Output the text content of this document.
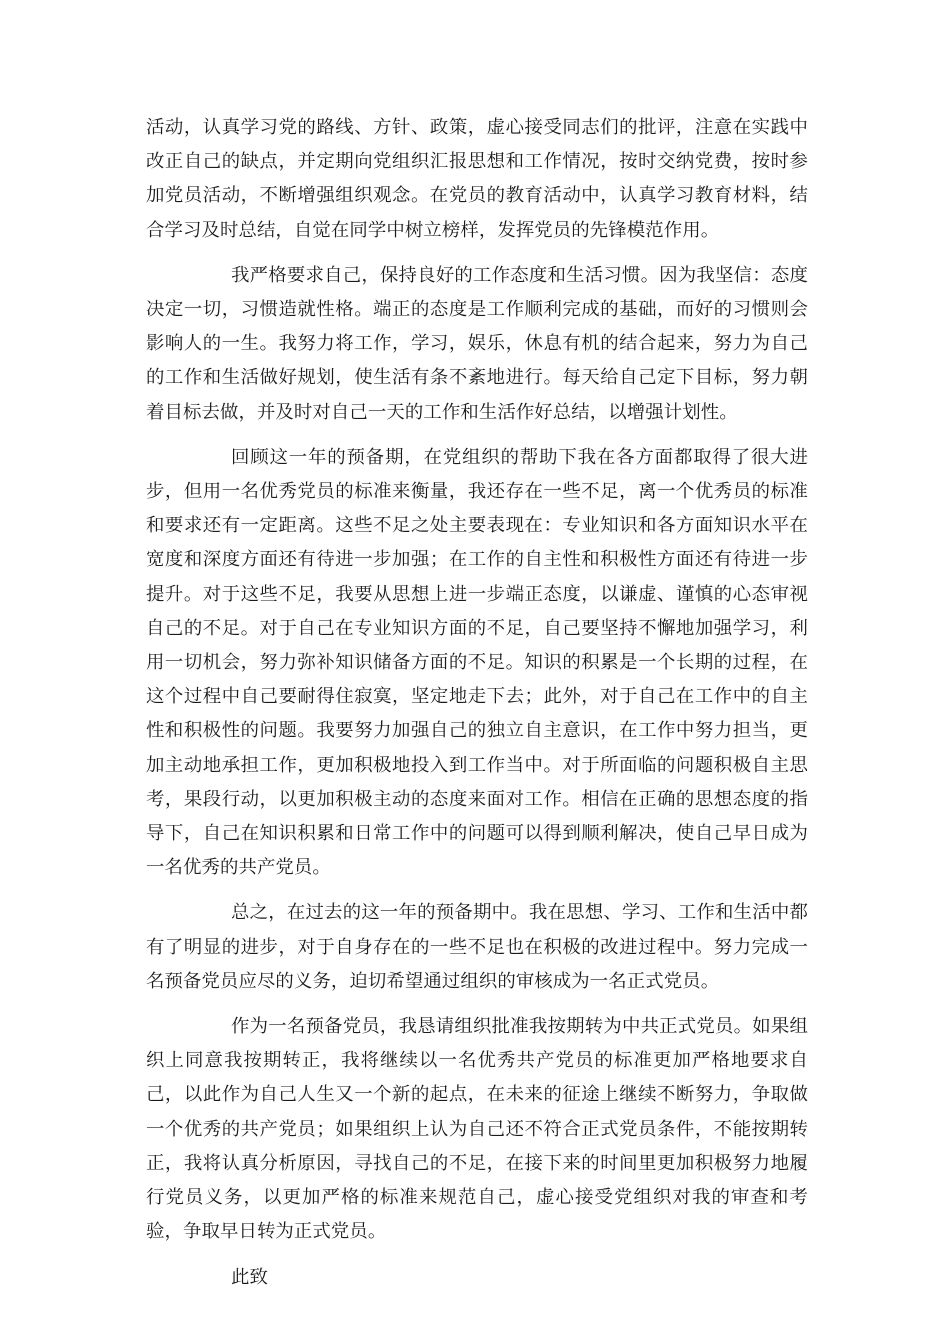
活动，认真学习党的路线、方针、政策，虚心接受同志们的批评，注意在实践中改正自己的缺点，并定期向党组织汇报思想和工作情况，按时交纳党费，按时参加党员活动，不断增强组织观念。在党员的教育活动中，认真学习教育材料，结合学习及时总结，自觉在同学中树立榜样，发挥党员的先锋模范作用。

我严格要求自己，保持良好的工作态度和生活习惯。因为我坚信：态度决定一切，习惯造就性格。端正的态度是工作顺利完成的基础，而好的习惯则会影响人的一生。我努力将工作，学习，娱乐，休息有机的结合起来，努力为自己的工作和生活做好规划，使生活有条不紊地进行。每天给自己定下目标，努力朝着目标去做，并及时对自己一天的工作和生活作好总结，以增强计划性。

回顾这一年的预备期，在党组织的帮助下我在各方面都取得了很大进步，但用一名优秀党员的标准来衡量，我还存在一些不足，离一个优秀员的标准和要求还有一定距离。这些不足之处主要表现在：专业知识和各方面知识水平在宽度和深度方面还有待进一步加强；在工作的自主性和积极性方面还有待进一步提升。对于这些不足，我要从思想上进一步端正态度，以谦虚、谨慎的心态审视自己的不足。对于自己在专业知识方面的不足，自己要坚持不懈地加强学习，利用一切机会，努力弥补知识储备方面的不足。知识的积累是一个长期的过程，在这个过程中自己要耐得住寂寞，坚定地走下去；此外，对于自己在工作中的自主性和积极性的问题。我要努力加强自己的独立自主意识，在工作中努力担当，更加主动地承担工作，更加积极地投入到工作当中。对于所面临的问题积极自主思考，果段行动，以更加积极主动的态度来面对工作。相信在正确的思想态度的指导下，自己在知识积累和日常工作中的问题可以得到顺利解决，使自己早日成为一名优秀的共产党员。

总之，在过去的这一年的预备期中。我在思想、学习、工作和生活中都有了明显的进步，对于自身存在的一些不足也在积极的改进过程中。努力完成一名预备党员应尽的义务，迫切希望通过组织的审核成为一名正式党员。

作为一名预备党员，我恳请组织批准我按期转为中共正式党员。如果组织上同意我按期转正，我将继续以一名优秀共产党员的标准更加严格地要求自己，以此作为自己人生又一个新的起点，在未来的征途上继续不断努力，争取做一个优秀的共产党员；如果组织上认为自己还不符合正式党员条件，不能按期转正，我将认真分析原因，寻找自己的不足，在接下来的时间里更加积极努力地履行党员义务，以更加严格的标准来规范自己，虚心接受党组织对我的审查和考验，争取早日转为正式党员。

此致
